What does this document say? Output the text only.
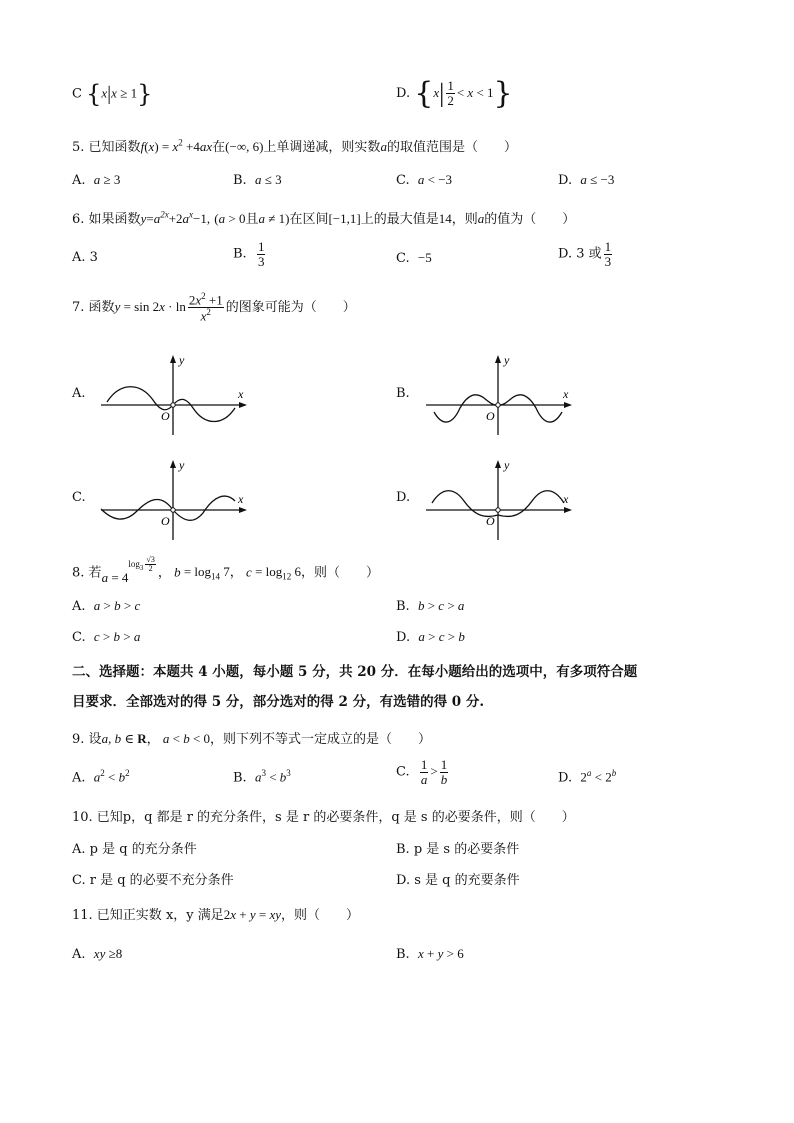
C {x|x ≥ 1}	D. $\{x| \frac{1}{2} < x < 1\}$
5. 已知函数$f(x) = x^2 +4ax$在(−∞, 6)上单调递减，则实数a的取值范围是（　　）
A. a ≥ 3	B. a ≤ 3	C. a < −3	D. a ≤ −3
6. 如果函数$y=a^{2x}+2a^x-1$, (a > 0且a ≠ 1)在区间[−1,1]上的最大值是14，则a的值为（　　）
A. 3	B. $\frac{1}{3}$	C. −5	D. 3 或 $\frac{1}{3}$
7. 函数$y = \sin 2x \cdot \ln \frac{2x^2 +1}{x^2}$ 的图象可能为（　　）
A.	B.
C.	D.
y
x
O
y
x
O
y
x
O
y
x
O
8. 若$a = 4^{log_3 \frac{√3}{2}}$ ， $b = \log_{14} 7$， $c = \log_{12} 6$，则（　　）
A. a > b > c	B. b > c > a
C. c > b > a	D. a > c > b
二、选择题：本题共 4 小题，每小题 5 分，共 20 分．在每小题给出的选项中，有多项符合题
目要求．全部选对的得 5 分，部分选对的得 2 分，有选错的得 0 分.
9. 设a, b ∈ R， a < b < 0，则下列不等式一定成立的是（　　）
A. $a^2 < b^2$	B. $a^3 < b^3$	C. $\frac{1}{a} > \frac{1}{b}$	D. $2^a < 2^b$
10. 已知p，q 都是 r 的充分条件，s 是 r 的必要条件，q 是 s 的必要条件，则（　　）
A. p 是 q 的充分条件	B. p 是 s 的必要条件
C. r 是 q 的必要不充分条件	D. s 是 q 的充要条件
11. 已知正实数 x，y 满足2x + y = xy，则（　　）
A. xy ≥8	B. x + y > 6
